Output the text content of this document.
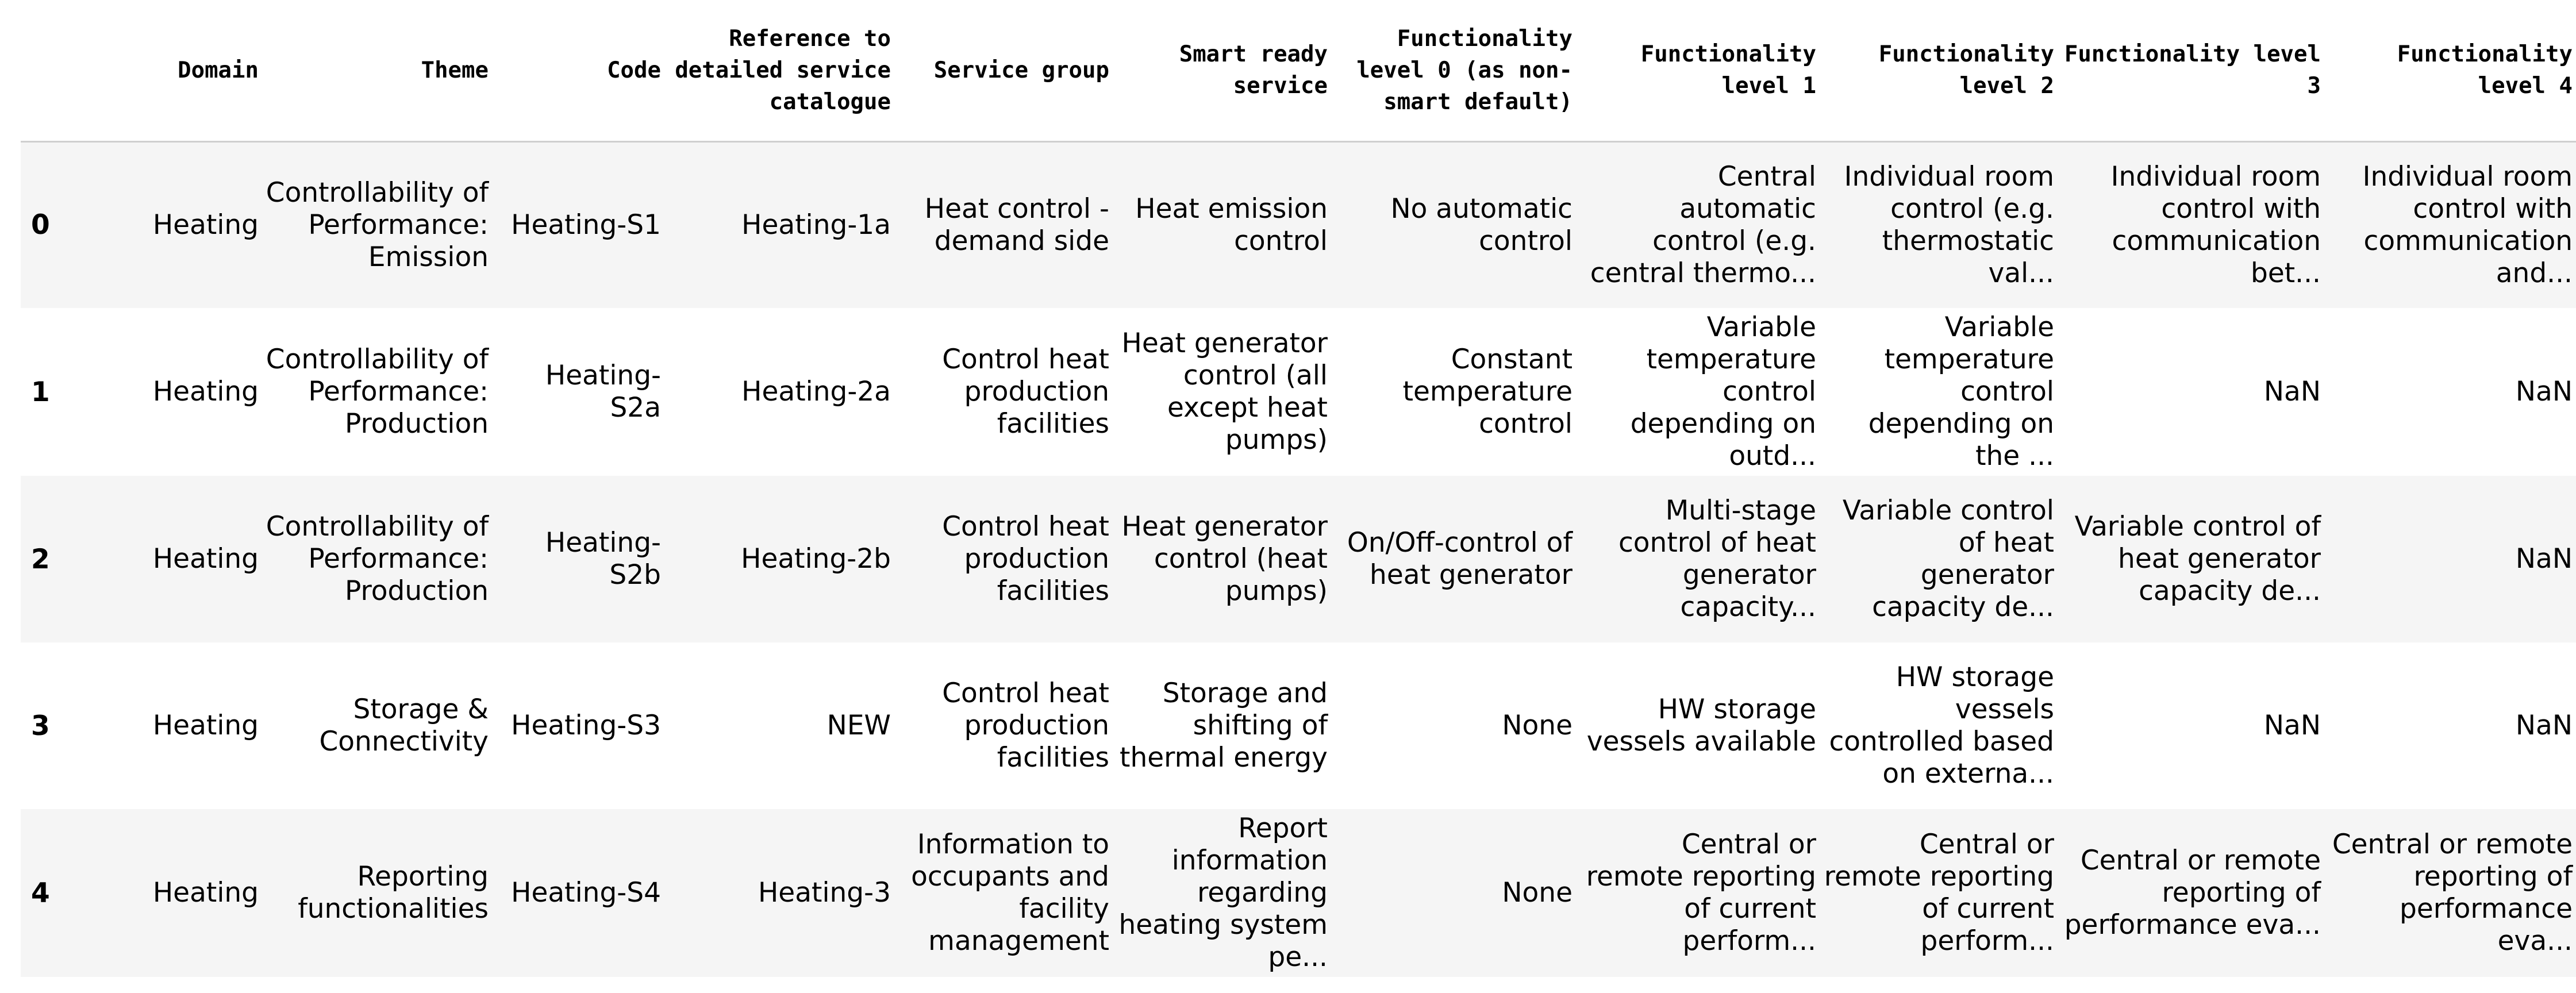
	Domain	Theme	Code	Reference to detailed service catalogue	Service group	Smart ready service	Functionality level 0 (as non-smart default)	Functionality level 1	Functionality level 2	Functionality level 3	Functionality level 4
0	Heating	Controllability of Performance: Emission	Heating-S1	Heating-1a	Heat control - demand side	Heat emission control	No automatic control	Central automatic control (e.g. central thermo...	Individual room control (e.g. thermostatic val...	Individual room control with communication bet...	Individual room control with communication and...
1	Heating	Controllability of Performance: Production	Heating-S2a	Heating-2a	Control heat production facilities	Heat generator control (all except heat pumps)	Constant temperature control	Variable temperature control depending on outd...	Variable temperature control depending on the ...	NaN	NaN
2	Heating	Controllability of Performance: Production	Heating-S2b	Heating-2b	Control heat production facilities	Heat generator control (heat pumps)	On/Off-control of heat generator	Multi-stage control of heat generator capacity...	Variable control of heat generator capacity de...	Variable control of heat generator capacity de...	NaN
3	Heating	Storage & Connectivity	Heating-S3	NEW	Control heat production facilities	Storage and shifting of thermal energy	None	HW storage vessels available	HW storage vessels controlled based on externa...	NaN	NaN
4	Heating	Reporting functionalities	Heating-S4	Heating-3	Information to occupants and facility management	Report information regarding heating system pe...	None	Central or remote reporting of current perform...	Central or remote reporting of current perform...	Central or remote reporting of performance eva...	Central or remote reporting of performance eva...
